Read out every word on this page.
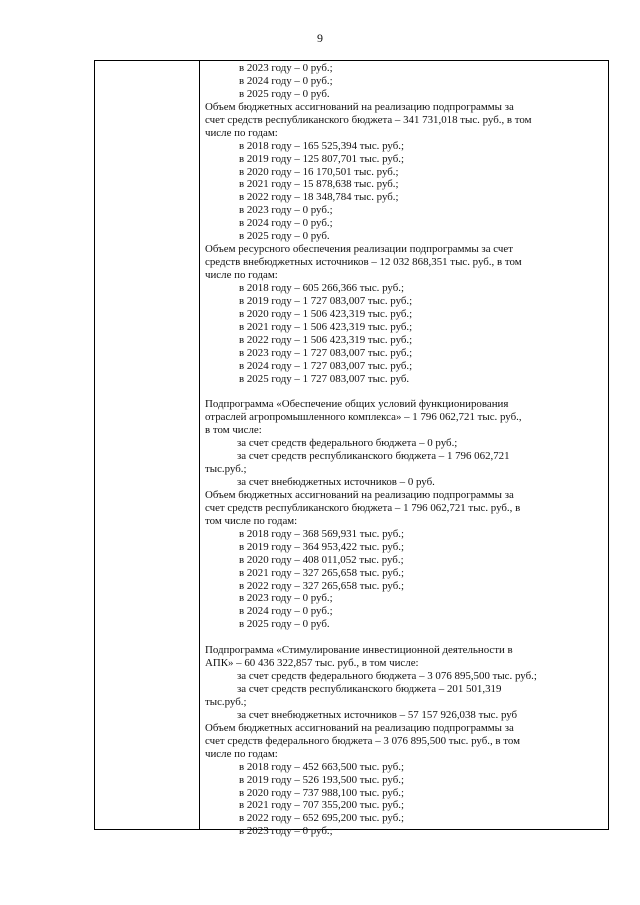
9
в 2023 году – 0 руб.;
в 2024 году – 0 руб.;
в 2025 году – 0 руб.
Объем бюджетных ассигнований на реализацию подпрограммы за
счет средств республиканского бюджета – 341 731,018 тыс. руб., в том
числе по годам:
в 2018 году – 165 525,394 тыс. руб.;
в 2019 году – 125 807,701 тыс. руб.;
в 2020 году – 16 170,501 тыс. руб.;
в 2021 году – 15 878,638 тыс. руб.;
в 2022 году – 18 348,784 тыс. руб.;
в 2023 году – 0 руб.;
в 2024 году – 0 руб.;
в 2025 году – 0 руб.
Объем ресурсного обеспечения реализации подпрограммы за счет
средств внебюджетных источников – 12 032 868,351 тыс. руб., в том
числе по годам:
в 2018 году – 605 266,366 тыс. руб.;
в 2019 году – 1 727 083,007 тыс. руб.;
в 2020 году – 1 506 423,319 тыс. руб.;
в 2021 году – 1 506 423,319 тыс. руб.;
в 2022 году – 1 506 423,319 тыс. руб.;
в 2023 году – 1 727 083,007 тыс. руб.;
в 2024 году – 1 727 083,007 тыс. руб.;
в 2025 году – 1 727 083,007 тыс. руб.
Подпрограмма «Обеспечение общих условий функционирования
отраслей агропромышленного комплекса» – 1 796 062,721 тыс. руб.,
в том числе:
за счет средств федерального бюджета – 0 руб.;
за счет средств республиканского бюджета – 1 796 062,721
тыс.руб.;
за счет внебюджетных источников – 0 руб.
Объем бюджетных ассигнований на реализацию подпрограммы за
счет средств республиканского бюджета – 1 796 062,721 тыс. руб., в
том числе по годам:
в 2018 году – 368 569,931 тыс. руб.;
в 2019 году – 364 953,422 тыс. руб.;
в 2020 году – 408 011,052 тыс. руб.;
в 2021 году – 327 265,658 тыс. руб.;
в 2022 году – 327 265,658 тыс. руб.;
в 2023 году – 0 руб.;
в 2024 году – 0 руб.;
в 2025 году – 0 руб.
Подпрограмма «Стимулирование инвестиционной деятельности в
АПК» – 60 436 322,857 тыс. руб., в том числе:
за счет средств федерального бюджета – 3 076 895,500 тыс. руб.;
за счет средств республиканского бюджета – 201 501,319
тыс.руб.;
за счет внебюджетных источников – 57 157 926,038 тыс. руб
Объем бюджетных ассигнований на реализацию подпрограммы за
счет средств федерального бюджета – 3 076 895,500 тыс. руб., в том
числе по годам:
в 2018 году – 452 663,500 тыс. руб.;
в 2019 году – 526 193,500 тыс. руб.;
в 2020 году – 737 988,100 тыс. руб.;
в 2021 году – 707 355,200 тыс. руб.;
в 2022 году – 652 695,200 тыс. руб.;
в 2023 году – 0 руб.;
